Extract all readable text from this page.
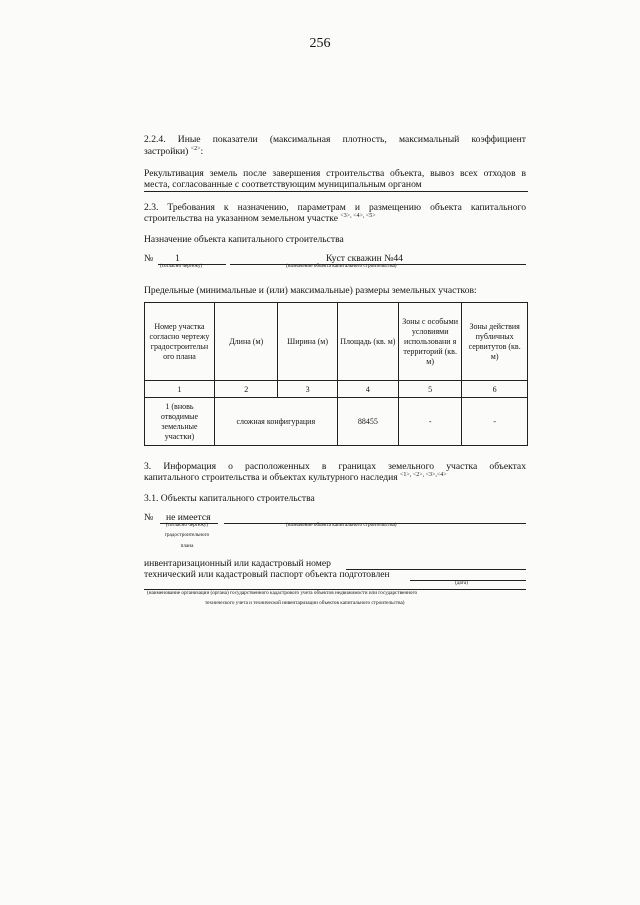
256
2.2.4. Иные показатели (максимальная плотность, максимальный коэффициент
застройки) $^{<2>}$:
Рекультивация земель после завершения строительства объекта, вывоз всех отходов в
места, согласованные с соответствующим муниципальным органом
2.3. Требования к назначению, параметрам и размещению объекта капитального
строительства на указанном земельном участке $^{<3>, <4>, <5>}$
Назначение объекта капитального строительства
№ 1	Куст скважин №44
(согласно чертежу)	(назначение объекта капитального строительства)
Предельные (минимальные и (или) максимальные) размеры земельных участков:
Номер участка согласно чертежу градостроительн ого плана	Длина (м)	Ширина (м)	Площадь (кв. м)	Зоны с особыми условиями использовани я территорий (кв. м)	Зоны действия публичных сервитутов (кв. м)
1	2	3	4	5	6
1 (вновь отводимые земельные участки)	сложная конфигурация		88455	-	-
3. Информация о расположенных в границах земельного участка объектах
капитального строительства и объектах культурного наследия $^{<1>, <2>, <3>,<4>}$
3.1. Объекты капитального строительства
№ не имеется
(согласно чертежу)	(назначение объекта капитального строительства)
градостроительного
плана
инвентаризационный или кадастровый номер
технический или кадастровый паспорт объекта подготовлен
(дата)
(наименование организации (органа) государственного кадастрового учета объектов недвижимости или государственного
технического учета и технической инвентаризации объектов капитального строительства)
